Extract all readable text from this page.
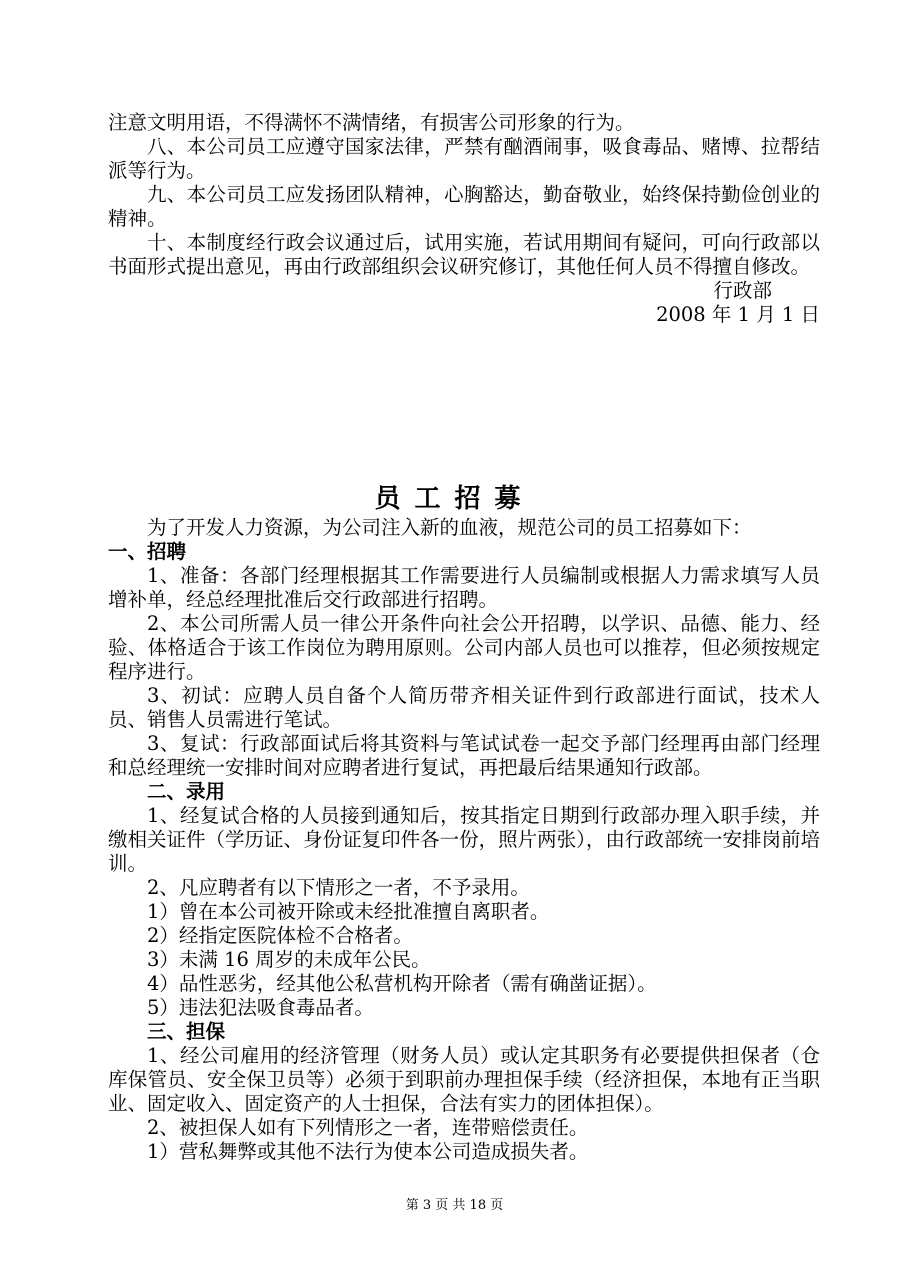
注意文明用语，不得满怀不满情绪，有损害公司形象的行为。

八、本公司员工应遵守国家法律，严禁有酗酒闹事，吸食毒品、赌博、拉帮结派等行为。

九、本公司员工应发扬团队精神，心胸豁达，勤奋敬业，始终保持勤俭创业的精神。

十、本制度经行政会议通过后，试用实施，若试用期间有疑问，可向行政部以书面形式提出意见，再由行政部组织会议研究修订，其他任何人员不得擅自修改。

行政部

2008 年 1 月 1 日

员工招募

为了开发人力资源，为公司注入新的血液，规范公司的员工招募如下：

一、招聘

1、准备：各部门经理根据其工作需要进行人员编制或根据人力需求填写人员增补单，经总经理批准后交行政部进行招聘。

2、本公司所需人员一律公开条件向社会公开招聘，以学识、品德、能力、经验、体格适合于该工作岗位为聘用原则。公司内部人员也可以推荐，但必须按规定程序进行。

3、初试：应聘人员自备个人简历带齐相关证件到行政部进行面试，技术人员、销售人员需进行笔试。

3、复试：行政部面试后将其资料与笔试试卷一起交予部门经理再由部门经理和总经理统一安排时间对应聘者进行复试，再把最后结果通知行政部。

二、录用

1、经复试合格的人员接到通知后，按其指定日期到行政部办理入职手续，并缴相关证件（学历证、身份证复印件各一份，照片两张），由行政部统一安排岗前培训。

2、凡应聘者有以下情形之一者，不予录用。

1）曾在本公司被开除或未经批准擅自离职者。

2）经指定医院体检不合格者。

3）未满 16 周岁的未成年公民。

4）品性恶劣，经其他公私营机构开除者（需有确凿证据）。

5）违法犯法吸食毒品者。

三、担保

1、经公司雇用的经济管理（财务人员）或认定其职务有必要提供担保者（仓库保管员、安全保卫员等）必须于到职前办理担保手续（经济担保，本地有正当职业、固定收入、固定资产的人士担保，合法有实力的团体担保）。

2、被担保人如有下列情形之一者，连带赔偿责任。

1）营私舞弊或其他不法行为使本公司造成损失者。

第 3 页 共 18 页
